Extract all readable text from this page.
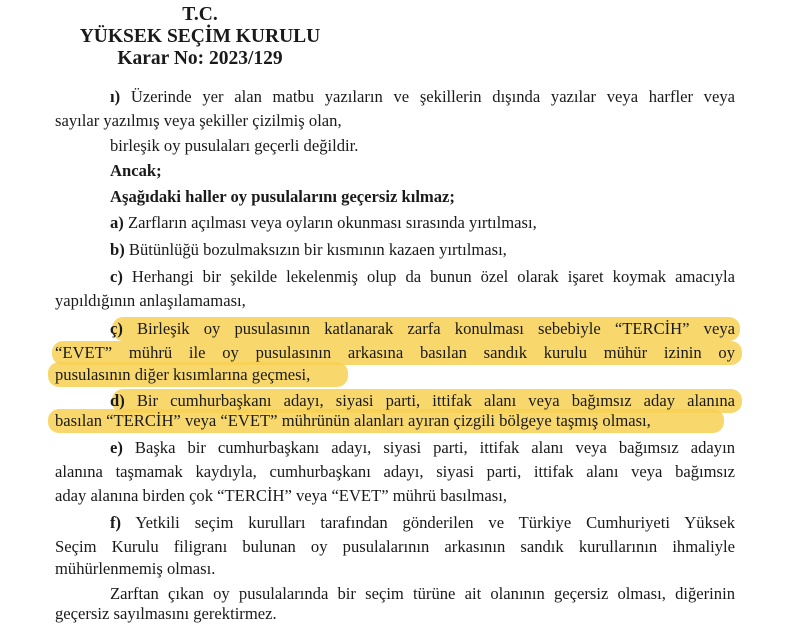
T.C.
YÜKSEK SEÇİM KURULU
Karar No: 2023/129
ı) Üzerinde yer alan matbu yazıların ve şekillerin dışında yazılar veya harfler veya
sayılar yazılmış veya şekiller çizilmiş olan,
birleşik oy pusulaları geçerli değildir.
Ancak;
Aşağıdaki haller oy pusulalarını geçersiz kılmaz;
a) Zarfların açılması veya oyların okunması sırasında yırtılması,
b) Bütünlüğü bozulmaksızın bir kısmının kazaen yırtılması,
c) Herhangi bir şekilde lekelenmiş olup da bunun özel olarak işaret koymak amacıyla
yapıldığının anlaşılamaması,
ç) Birleşik oy pusulasının katlanarak zarfa konulması sebebiyle “TERCİH” veya
“EVET” mührü ile oy pusulasının arkasına basılan sandık kurulu mühür izinin oy
pusulasının diğer kısımlarına geçmesi,
d) Bir cumhurbaşkanı adayı, siyasi parti, ittifak alanı veya bağımsız aday alanına
basılan “TERCİH” veya “EVET” mührünün alanları ayıran çizgili bölgeye taşmış olması,
e) Başka bir cumhurbaşkanı adayı, siyasi parti, ittifak alanı veya bağımsız adayın
alanına taşmamak kaydıyla, cumhurbaşkanı adayı, siyasi parti, ittifak alanı veya bağımsız
aday alanına birden çok “TERCİH” veya “EVET” mührü basılması,
f) Yetkili seçim kurulları tarafından gönderilen ve Türkiye Cumhuriyeti Yüksek
Seçim Kurulu filigranı bulunan oy pusulalarının arkasının sandık kurullarının ihmaliyle
mühürlenmemiş olması.
Zarftan çıkan oy pusulalarında bir seçim türüne ait olanının geçersiz olması, diğerinin
geçersiz sayılmasını gerektirmez.
